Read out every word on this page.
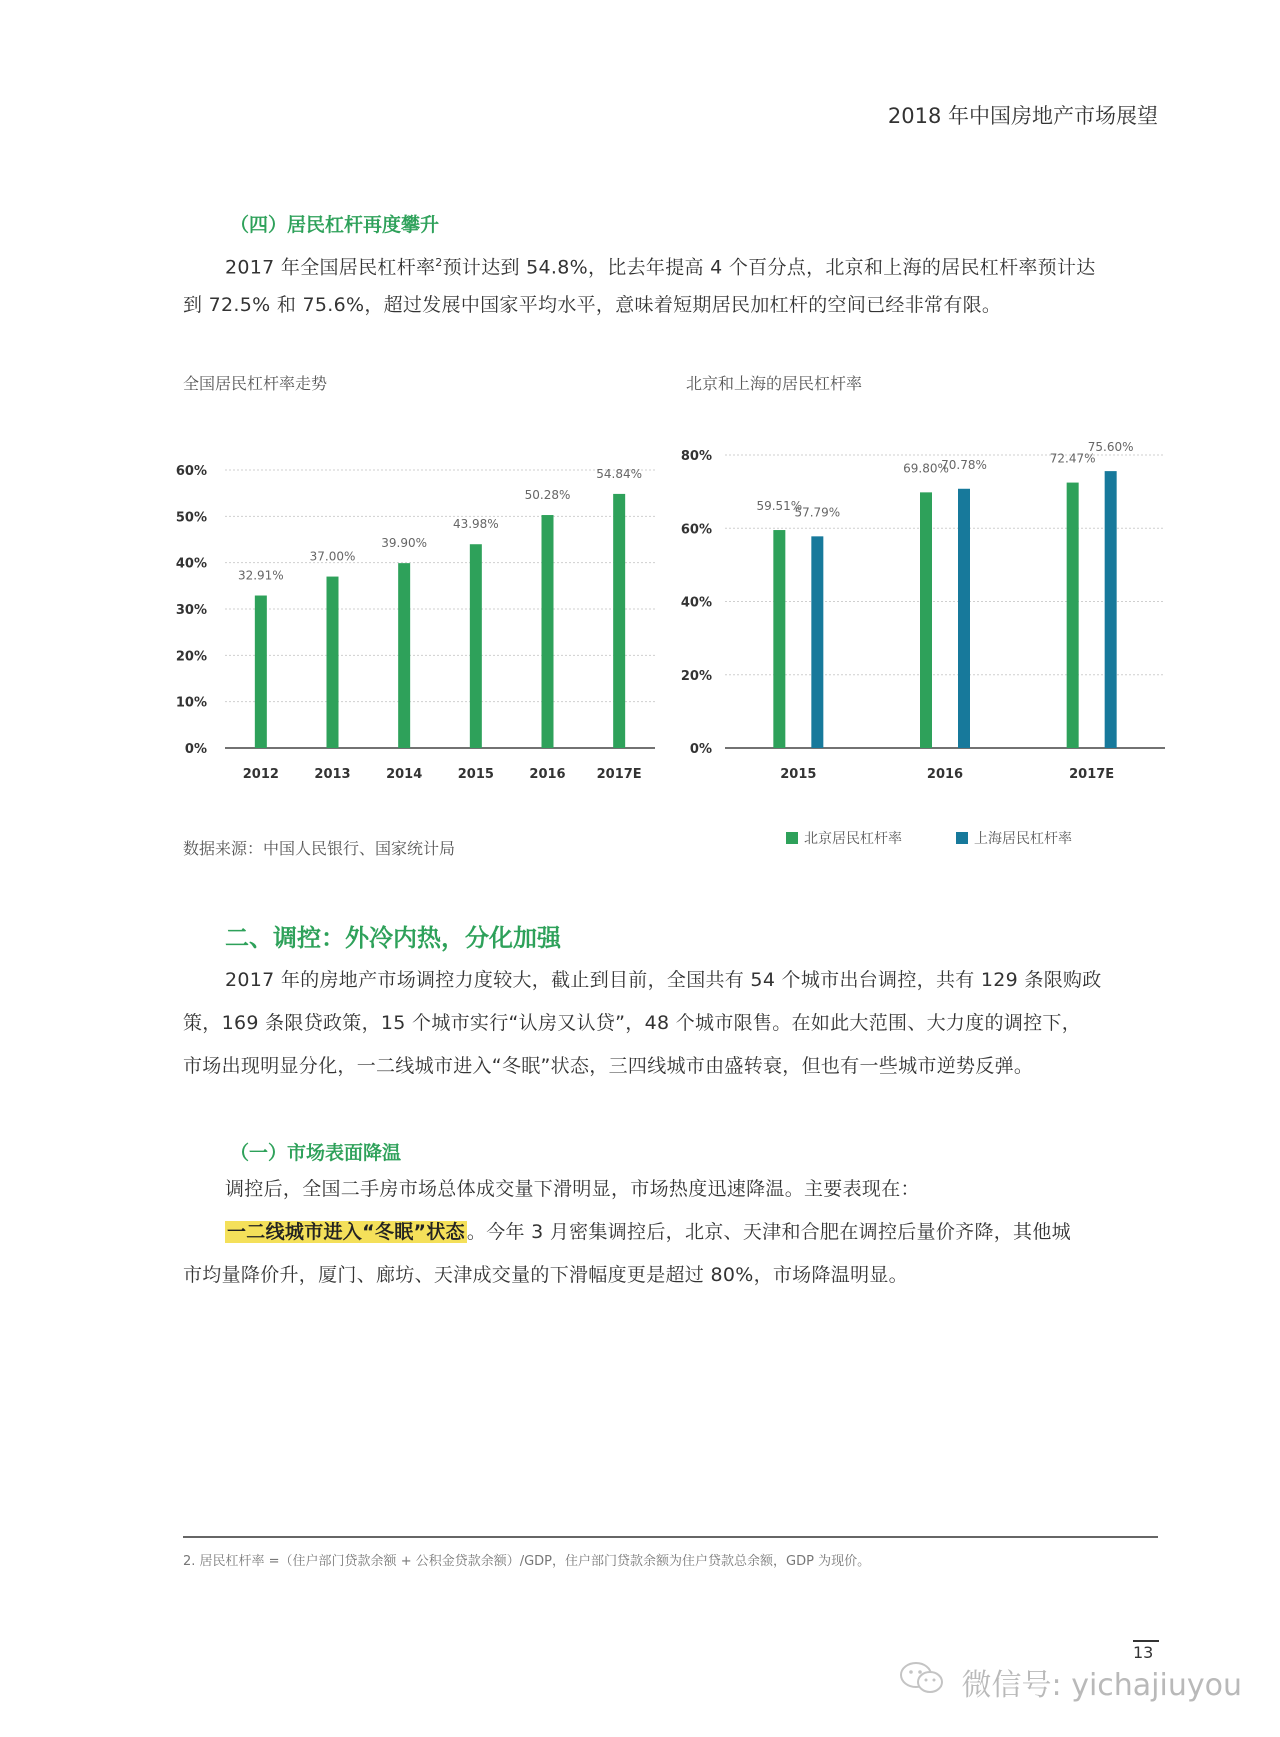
2018 年中国房地产市场展望
（四）居民杠杆再度攀升
2017 年全国居民杠杆率$^2$预计达到 54.8%，比去年提高 4 个百分点，北京和上海的居民杠杆率预计达
到 72.5% 和 75.6%，超过发展中国家平均水平，意味着短期居民加杠杆的空间已经非常有限。
全国居民杠杆率走势	北京和上海的居民杠杆率
0%
10%
20%
30%
40%
50%
60%
32.91%
2012
37.00%
2013
39.90%
2014
43.98%
2015
50.28%
2016
54.84%
2017E
0%
20%
40%
60%
80%
59.51%
57.79%
2015
69.80%
70.78%
2016
72.47%
75.60%
2017E
北京居民杠杆率	上海居民杠杆率
数据来源：中国人民银行、国家统计局
二、调控：外冷内热，分化加强
2017 年的房地产市场调控力度较大，截止到目前，全国共有 54 个城市出台调控，共有 129 条限购政
策，169 条限贷政策，15 个城市实行“认房又认贷”，48 个城市限售。在如此大范围、大力度的调控下，
市场出现明显分化，一二线城市进入“冬眠”状态，三四线城市由盛转衰，但也有一些城市逆势反弹。
（一）市场表面降温
调控后，全国二手房市场总体成交量下滑明显，市场热度迅速降温。主要表现在：
一二线城市进入“冬眠”状态 。今年 3 月密集调控后，北京、天津和合肥在调控后量价齐降，其他城
市均量降价升，厦门、廊坊、天津成交量的下滑幅度更是超过 80%，市场降温明显。
2. 居民杠杆率 =（住户部门贷款余额 + 公积金贷款余额）/GDP，住户部门贷款余额为住户贷款总余额，GDP 为现价。
13
微信号: yichajiuyou
